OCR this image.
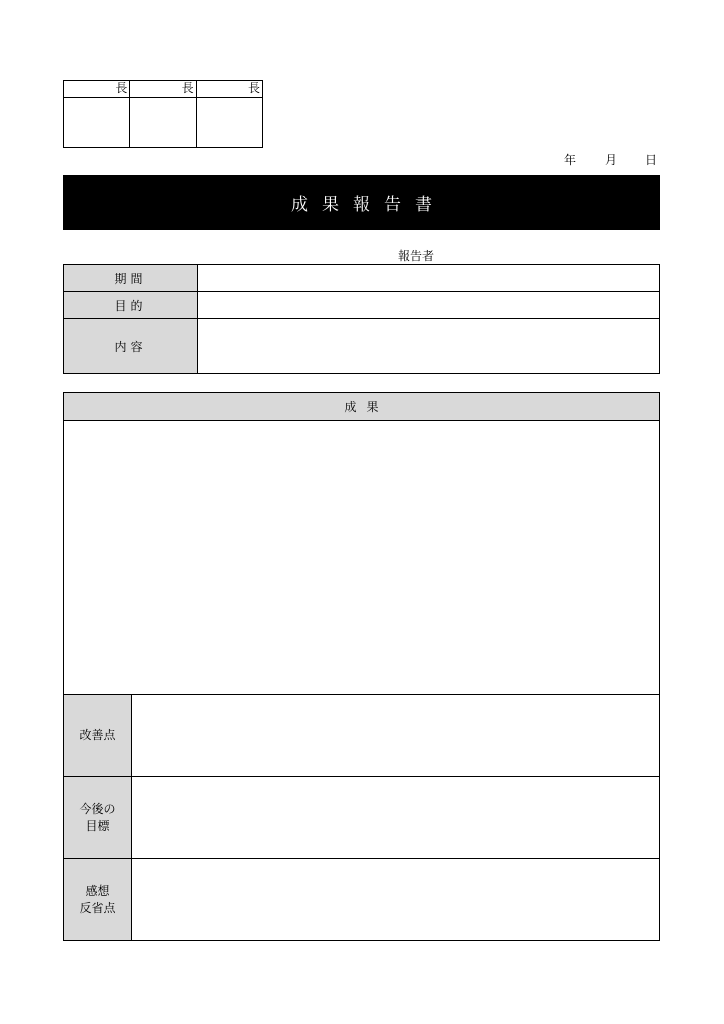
長	長	長
年 月 日
成果報告書
報告者
期間
目的
内容
成果
改善点
今後の
目標
感想
反省点
